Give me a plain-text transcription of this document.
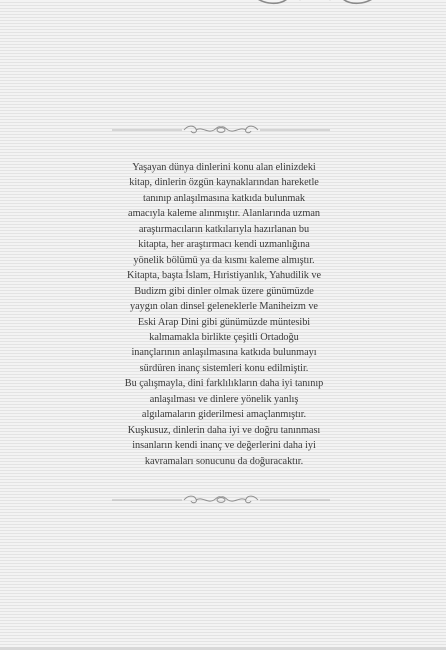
Yaşayan dünya dinlerini konu alan elinizdeki
kitap, dinlerin özgün kaynaklarından hareketle
tanınıp anlaşılmasına katkıda bulunmak
amacıyla kaleme alınmıştır. Alanlarında uzman
araştırmacıların katkılarıyla hazırlanan bu
kitapta, her araştırmacı kendi uzmanlığına
yönelik bölümü ya da kısmı kaleme almıştır.
Kitapta, başta İslam, Hıristiyanlık, Yahudilik ve
Budizm gibi dinler olmak üzere günümüzde
yaygın olan dinsel geleneklerle Maniheizm ve
Eski Arap Dini gibi günümüzde müntesibi
kalmamakla birlikte çeşitli Ortadoğu
inançlarının anlaşılmasına katkıda bulunmayı
sürdüren inanç sistemleri konu edilmiştir.
Bu çalışmayla, dini farklılıkların daha iyi tanınıp
anlaşılması ve dinlere yönelik yanlış
algılamaların giderilmesi amaçlanmıştır.
Kuşkusuz, dinlerin daha iyi ve doğru tanınması
insanların kendi inanç ve değerlerini daha iyi
kavramaları sonucunu da doğuracaktır.
